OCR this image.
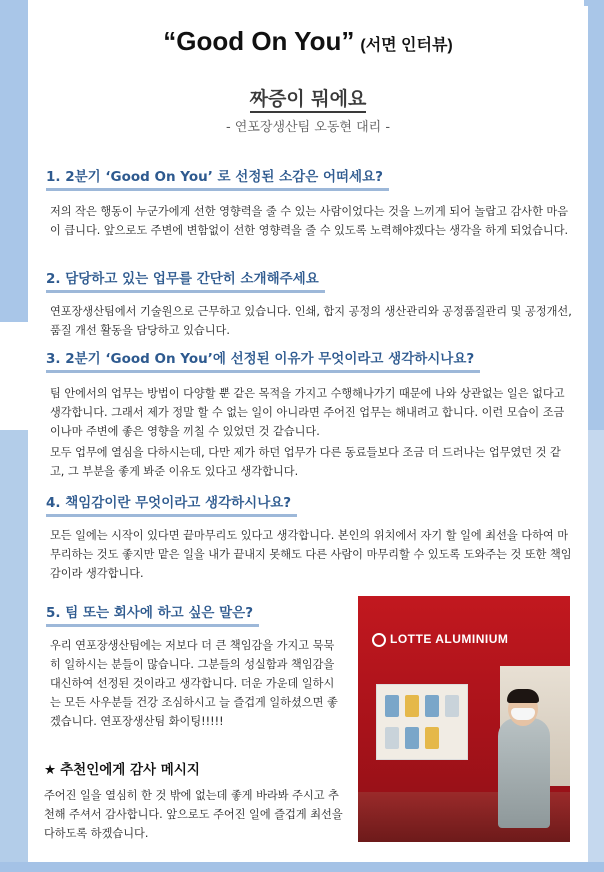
“Good On You” (서면 인터뷰)
짜증이 뭐에요
- 연포장생산팀 오동현 대리 -
1. 2분기 ‘Good On You’ 로 선정된 소감은 어떠세요?

저의 작은 행동이 누군가에게 선한 영향력을 줄 수 있는 사람이었다는 것을 느끼게 되어 놀랍고 감사한 마음이 큽니다. 앞으로도 주변에 변함없이 선한 영향력을 줄 수 있도록 노력해야겠다는 생각을 하게 되었습니다.

2. 담당하고 있는 업무를 간단히 소개해주세요

연포장생산팀에서 기술원으로 근무하고 있습니다. 인쇄, 합지 공정의 생산관리와 공정품질관리 및 공정개선, 품질 개선 활동을 담당하고 있습니다.

3. 2분기 ‘Good On You’에 선정된 이유가 무엇이라고 생각하시나요?

팀 안에서의 업무는 방법이 다양할 뿐 같은 목적을 가지고 수행해나가기 때문에 나와 상관없는 일은 없다고 생각합니다. 그래서 제가 정말 할 수 없는 일이 아니라면 주어진 업무는 해내려고 합니다. 이런 모습이 조금이나마 주변에 좋은 영향을 끼칠 수 있었던 것 같습니다.

모두 업무에 열심을 다하시는데, 다만 제가 하던 업무가 다른 동료들보다 조금 더 드러나는 업무였던 것 같고, 그 부분을 좋게 봐준 이유도 있다고 생각합니다.

4. 책임감이란 무엇이라고 생각하시나요?

모든 일에는 시작이 있다면 끝마무리도 있다고 생각합니다. 본인의 위치에서 자기 할 일에 최선을 다하여 마무리하는 것도 좋지만 맡은 일을 내가 끝내지 못해도 다른 사람이 마무리할 수 있도록 도와주는 것 또한 책임감이라 생각합니다.

5. 팀 또는 회사에 하고 싶은 말은?

우리 연포장생산팀에는 저보다 더 큰 책임감을 가지고 묵묵히 일하시는 분들이 많습니다. 그분들의 성실함과 책임감을 대신하여 선정된 것이라고 생각합니다. 더운 가운데 일하시는 모든 사우분들 건강 조심하시고 늘 즐겁게 일하셨으면 좋겠습니다. 연포장생산팀 화이팅!!!!!

★ 추천인에게 감사 메시지

주어진 일을 열심히 한 것 밖에 없는데 좋게 바라봐 주시고 추천해 주셔서 감사합니다. 앞으로도 주어진 일에 즐겁게 최선을 다하도록 하겠습니다.

LOTTE ALUMINIUM
